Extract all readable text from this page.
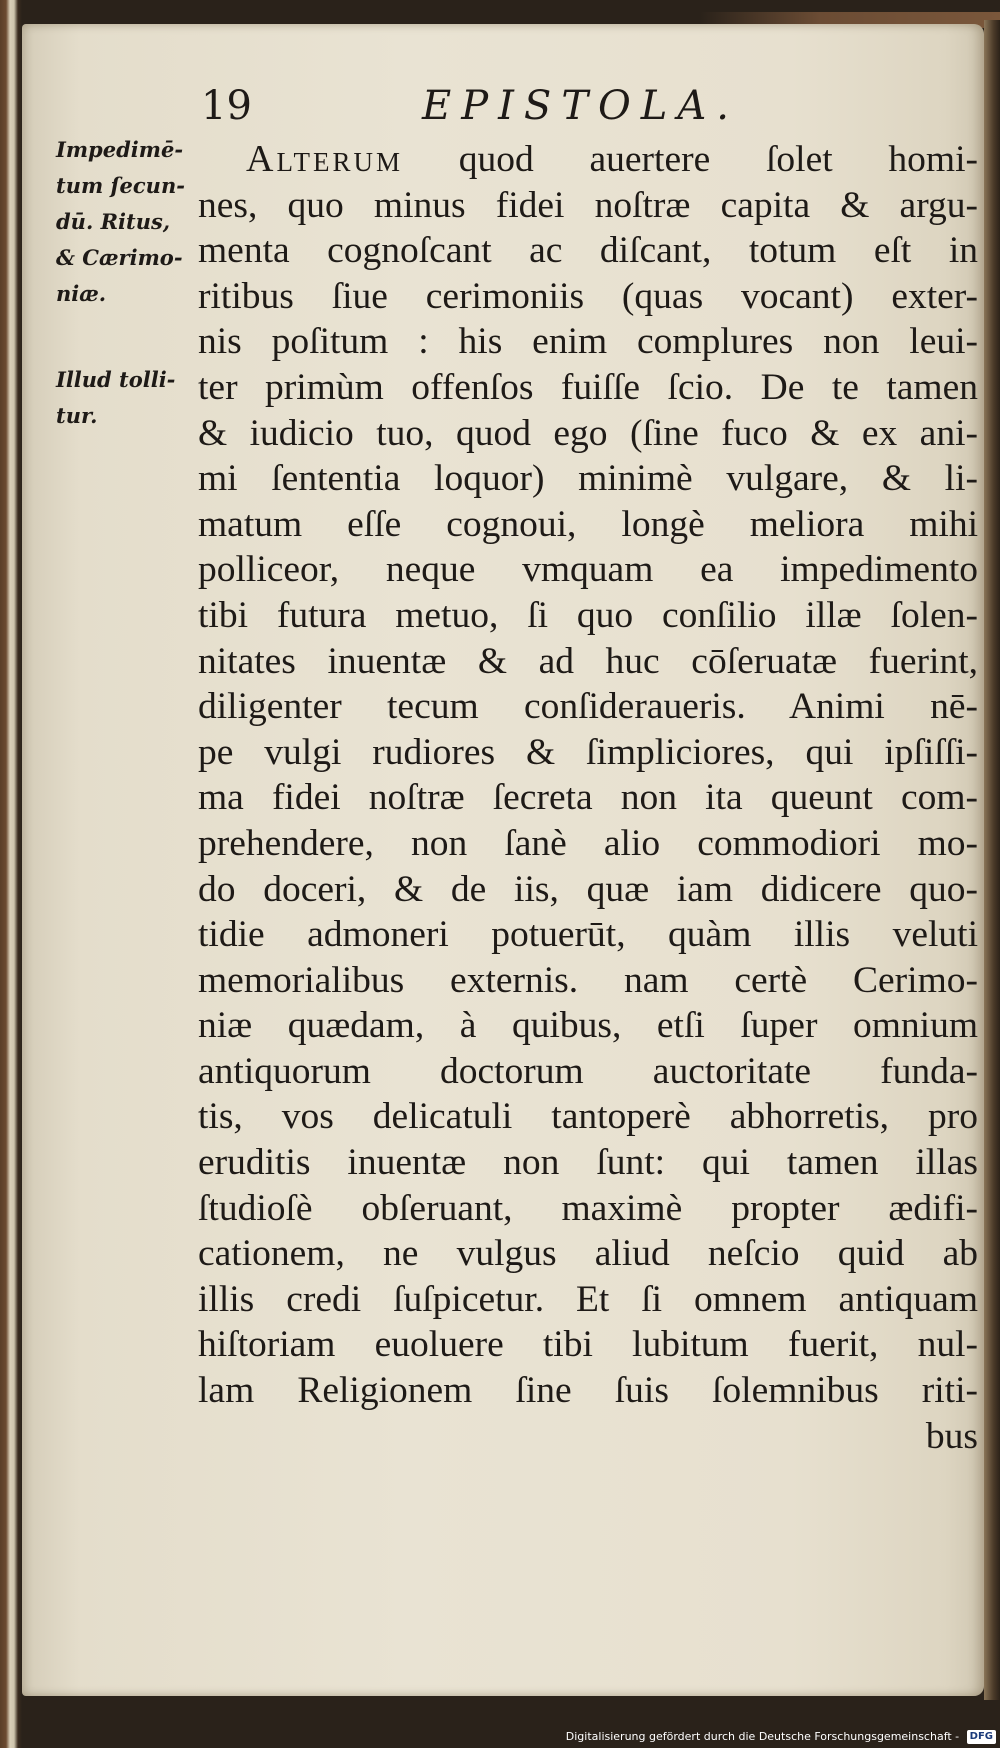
19	EPISTOLA.
Impedimē-
tum ſecun-
dū. Ritus,
& Cærimo-
niæ.
Illud tolli-
tur.
Alterum quod auertere ſolet homi-
nes, quo minus fidei noſtræ capita & argu-
menta cognoſcant ac diſcant, totum eſt in
ritibus ſiue cerimoniis (quas vocant) exter-
nis poſitum : his enim complures non leui-
ter primùm offenſos fuiſſe ſcio. De te tamen
& iudicio tuo, quod ego (ſine fuco & ex ani-
mi ſententia loquor) minimè vulgare, & li-
matum eſſe cognoui, longè meliora mihi
polliceor, neque vmquam ea impedimento
tibi futura metuo, ſi quo conſilio illæ ſolen-
nitates inuentæ & ad huc cōſeruatæ fuerint,
diligenter tecum conſideraueris. Animi nē-
pe vulgi rudiores & ſimpliciores, qui ipſiſſi-
ma fidei noſtræ ſecreta non ita queunt com-
prehendere, non ſanè alio commodiori mo-
do doceri, & de iis, quæ iam didicere quo-
tidie admoneri potuerūt, quàm illis veluti
memorialibus externis. nam certè Cerimo-
niæ quædam, à quibus, etſi ſuper omnium
antiquorum doctorum auctoritate funda-
tis, vos delicatuli tantoperè abhorretis, pro
eruditis inuentæ non ſunt: qui tamen illas
ſtudioſè obſeruant, maximè propter ædifi-
cationem, ne vulgus aliud neſcio quid ab
illis credi ſuſpicetur. Et ſi omnem antiquam
hiſtoriam euoluere tibi lubitum fuerit, nul-
lam Religionem ſine ſuis ſolemnibus riti-
bus
Digitalisierung gefördert durch die Deutsche Forschungsgemeinschaft - DFG
